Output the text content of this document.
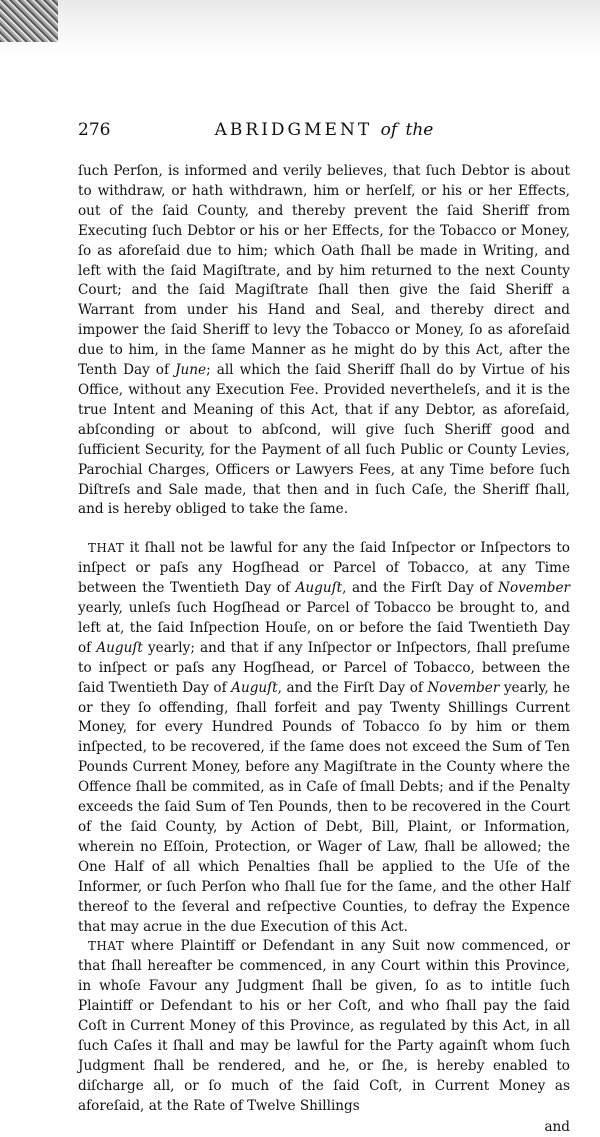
276	ABRIDGMENT of the

ſuch Perſon, is informed and verily believes, that ſuch Debtor is about to withdraw, or hath withdrawn, him or herſelf, or his or her Effects, out of the ſaid County, and thereby prevent the ſaid Sheriff from Executing ſuch Debtor or his or her Effects, for the Tobacco or Money, ſo as aforeſaid due to him; which Oath ſhall be made in Writing, and left with the ſaid Magiſtrate, and by him returned to the next County Court; and the ſaid Magiſtrate ſhall then give the ſaid Sheriff a Warrant from under his Hand and Seal, and thereby direct and impower the ſaid Sheriff to levy the Tobacco or Money, ſo as aforeſaid due to him, in the ſame Manner as he might do by this Act, after the Tenth Day of June; all which the ſaid Sheriff ſhall do by Virtue of his Office, without any Execution Fee. Provided nevertheleſs, and it is the true Intent and Meaning of this Act, that if any Debtor, as aforeſaid, abſconding or about to abſcond, will give ſuch Sheriff good and ſufficient Security, for the Payment of all ſuch Public or County Levies, Parochial Charges, Officers or Lawyers Fees, at any Time before ſuch Diſtreſs and Sale made, that then and in ſuch Caſe, the Sheriff ſhall, and is hereby obliged to take the ſame.

THAT it ſhall not be lawful for any the ſaid Inſpector or Inſpectors to inſpect or paſs any Hogſhead or Parcel of Tobacco, at any Time between the Twentieth Day of Auguſt, and the Firſt Day of November yearly, unleſs ſuch Hogſhead or Parcel of Tobacco be brought to, and left at, the ſaid Inſpection Houſe, on or before the ſaid Twentieth Day of Auguſt yearly; and that if any Inſpector or Inſpectors, ſhall preſume to inſpect or paſs any Hogſhead, or Parcel of Tobacco, between the ſaid Twentieth Day of Auguſt, and the Firſt Day of November yearly, he or they ſo offending, ſhall forfeit and pay Twenty Shillings Current Money, for every Hundred Pounds of Tobacco ſo by him or them inſpected, to be recovered, if the ſame does not exceed the Sum of Ten Pounds Current Money, before any Magiſtrate in the County where the Offence ſhall be commited, as in Caſe of ſmall Debts; and if the Penalty exceeds the ſaid Sum of Ten Pounds, then to be recovered in the Court of the ſaid County, by Action of Debt, Bill, Plaint, or Information, wherein no Eſſoin, Protection, or Wager of Law, ſhall be allowed; the One Half of all which Penalties ſhall be applied to the Uſe of the Informer, or ſuch Perſon who ſhall ſue for the ſame, and the other Half thereof to the ſeveral and reſpective Counties, to defray the Expence that may acrue in the due Execution of this Act.

THAT where Plaintiff or Defendant in any Suit now commenced, or that ſhall hereafter be commenced, in any Court within this Province, in whoſe Favour any Judgment ſhall be given, ſo as to intitle ſuch Plaintiff or Defendant to his or her Coſt, and who ſhall pay the ſaid Coſt in Current Money of this Province, as regulated by this Act, in all ſuch Caſes it ſhall and may be lawful for the Party againſt whom ſuch Judgment ſhall be rendered, and he, or ſhe, is hereby enabled to diſcharge all, or ſo much of the ſaid Coſt, in Current Money as aforeſaid, at the Rate of Twelve Shillings

and
